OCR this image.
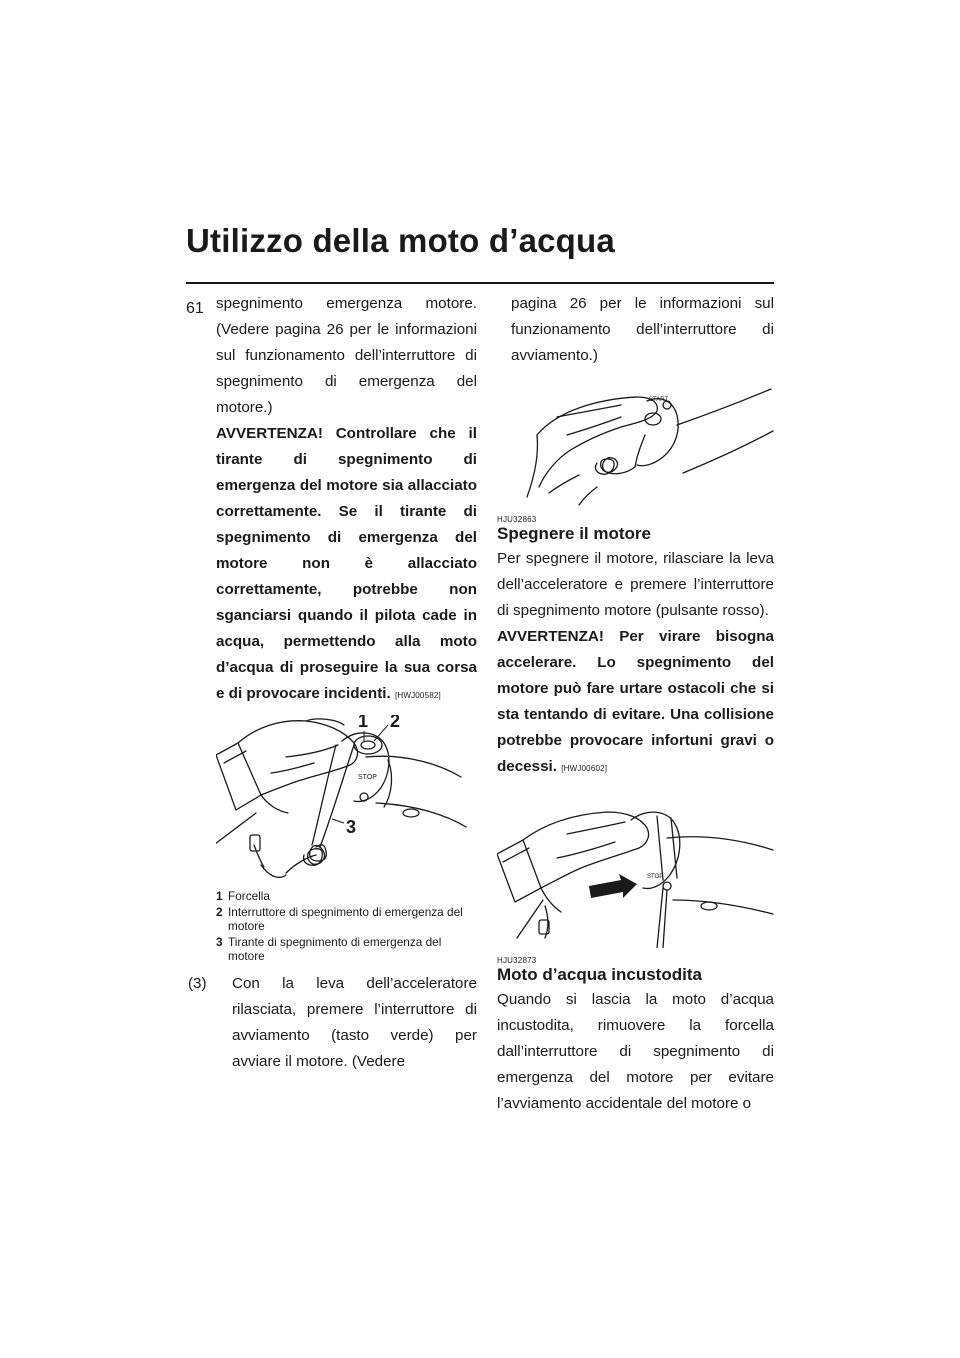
Utilizzo della moto d’acqua
61 spegnimento emergenza motore. (Vedere pagina 26 per le informazioni sul funzionamento dell’interruttore di spegnimento di emergenza del motore.)

AVVERTENZA! Controllare che il tirante di spegnimento di emergenza del motore sia allacciato correttamente. Se il tirante di spegnimento di emergenza del motore non è allacciato correttamente, potrebbe non sganciarsi quando il pilota cade in acqua, permettendo alla moto d’acqua di proseguire la sua corsa e di provocare incidenti. [HWJ00582]

STOP
1 2
3
1 Forcella
2 Interruttore di spegnimento di emergenza del motore
3 Tirante di spegnimento di emergenza del motore
(3)	Con la leva dell’acceleratore rilasciata, premere l’interruttore di avviamento (tasto verde) per avviare il motore. (Vedere

pagina 26 per le informazioni sul funzionamento dell’interruttore di avviamento.)

START
HJU32863
Spegnere il motore

Per spegnere il motore, rilasciare la leva dell’acceleratore e premere l’interruttore di spegnimento motore (pulsante rosso).

AVVERTENZA! Per virare bisogna accelerare. Lo spegnimento del motore può fare urtare ostacoli che si sta tentando di evitare. Una collisione potrebbe provocare infortuni gravi o decessi. [HWJ00602]

STOP
HJU32873
Moto d’acqua incustodita

Quando si lascia la moto d’acqua incustodita, rimuovere la forcella dall’interruttore di spegnimento di emergenza del motore per evitare l’avviamento accidentale del motore o
